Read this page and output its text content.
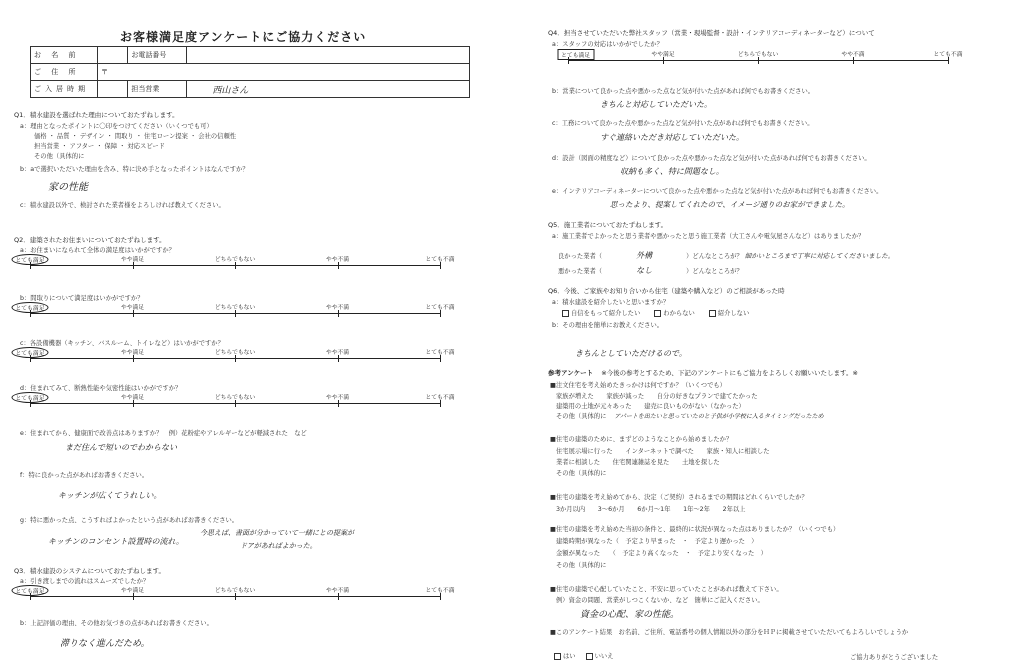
お客様満足度アンケートにご協力ください
お 名 前		お電話番号	
ご 住 所	〒		
ご入居時期		担当営業	西山さん
Q1．積水建設を選ばれた理由についておたずねします。
a：理由となったポイントに〇印をつけてください（いくつでも可）
価格 ・ 品質 ・ デザイン ・ 間取り ・ 住宅ローン提案 ・ 会社の信頼性
担当営業 ・ アフター ・ 保障 ・ 対応スピード
その他（具体的に
b：aで選択いただいた理由を含み、特に決め手となったポイントはなんですか？
家の性能
c：積水建設以外で、検討された業者様をよろしければ教えてください。
Q2．建築されたお住まいについておたずねします。
a：お住まいになられて全体の満足度はいかがですか？
とても満足	やや満足	どちらでもない	やや不満	とても不満
b：間取りについて満足度はいかがですか？
とても満足	やや満足	どちらでもない	やや不満	とても不満
c：各設備機器（キッチン、バスルーム、トイレなど）はいかがですか？
とても満足	やや満足	どちらでもない	やや不満	とても不満
d：住まれてみて、断熱性能や気密性能はいかがですか？
とても満足	やや満足	どちらでもない	やや不満	とても不満
e：住まれてから、健康面で改善点はありますか？　例）花粉症やアレルギーなどが軽減された　など
まだ住んで短いのでわからない
f：特に良かった点があればお書きください。
キッチンが広くてうれしい。
g：特に悪かった点、こうすればよかったという点があればお書きください。
キッチンのコンセント設置時の流れ。
今思えば、書面が分かっていて一緒にとの提案が
ドアがあればよかった。
Q3．積水建設のシステムについておたずねします。
a：引き渡しまでの流れはスムーズでしたか？
とても満足	やや満足	どちらでもない	やや不満	とても不満
b：上記評価の理由、その他お気づきの点があればお書きください。
滞りなく進んだため。
Q4．担当させていただいた弊社スタッフ（営業・現場監督・設計・インテリアコーディネーターなど）について
a：スタッフの対応はいかがでしたか？
とても満足	やや満足	どちらでもない	やや不満	とても不満
b：営業について良かった点や悪かった点など気が付いた点があれば何でもお書きください。
きちんと対応していただいた。
c：工務について良かった点や悪かった点など気が付いた点があれば何でもお書きください。
すぐ連絡いただき対応していただいた。
d：設計（図面の精度など）について良かった点や悪かった点など気が付いた点があれば何でもお書きください。
収納も多く、特に問題なし。
e：インテリアコーディネーターについて良かった点や悪かった点など気が付いた点があれば何でもお書きください。
思ったより、提案してくれたので、イメージ通りのお家ができました。
Q5．施工業者についておたずねします。
a：施工業者でよかったと思う業者や悪かったと思う施工業者（大工さんや電気屋さんなど）はありましたか？
良かった業者（	外構	）どんなところが？ 細かいところまで丁寧に対応してくださいました。
悪かった業者（	なし	）どんなところが？
Q6．今後、ご家族やお知り合いから住宅（建築や購入など）のご相談があった時
a：積水建設を紹介したいと思いますか？
自信をもって紹介したい	わからない	紹介しない
b：その理由を簡単にお教えください。
きちんとしていただけるので。
参考アンケート ※今後の参考とするため、下記のアンケートにもご協力をよろしくお願いいたします。※
■注文住宅を考え始めたきっかけは何ですか？（いくつでも）
家族が増えた　　家族が減った　　自分の好きなプランで建てたかった
建築用の土地が元々あった　　建売に良いものがない（なかった）
その他（具体的に アパートを出たいと思っていたのと子供が小学校に入るタイミングだったため
■住宅の建築のために、まずどのようなことから始めましたか？
住宅展示場に行った　　インターネットで調べた　　家族・知人に相談した
業者に相談した　　住宅関連雑誌を見た　　土地を探した
その他（具体的に
■住宅の建築を考え始めてから、決定（ご契約）されるまでの期間はどれくらいでしたか？
3か月以内　　3～6か月　　6か月～1年　　1年～2年　　2年以上
■住宅の建築を考え始めた当初の条件と、最終的に状況が異なった点はありましたか？（いくつでも）
建築時期が異なった（　予定より早まった　・　予定より遅かった　）
金額が異なった　　（　予定より高くなった　・　予定より安くなった　）
その他（具体的に
■住宅の建築で心配していたこと、不安に思っていたことがあれば教えて下さい。
例）資金の問題、営業がしつこくないか、など　簡単にご記入ください。
資金の心配、家の性能。
■このアンケート結果　お名前、ご住所、電話番号の個人情報以外の部分をＨＰに掲載させていただいてもよろしいでしょうか
はい	いいえ	ご協力ありがとうございました
